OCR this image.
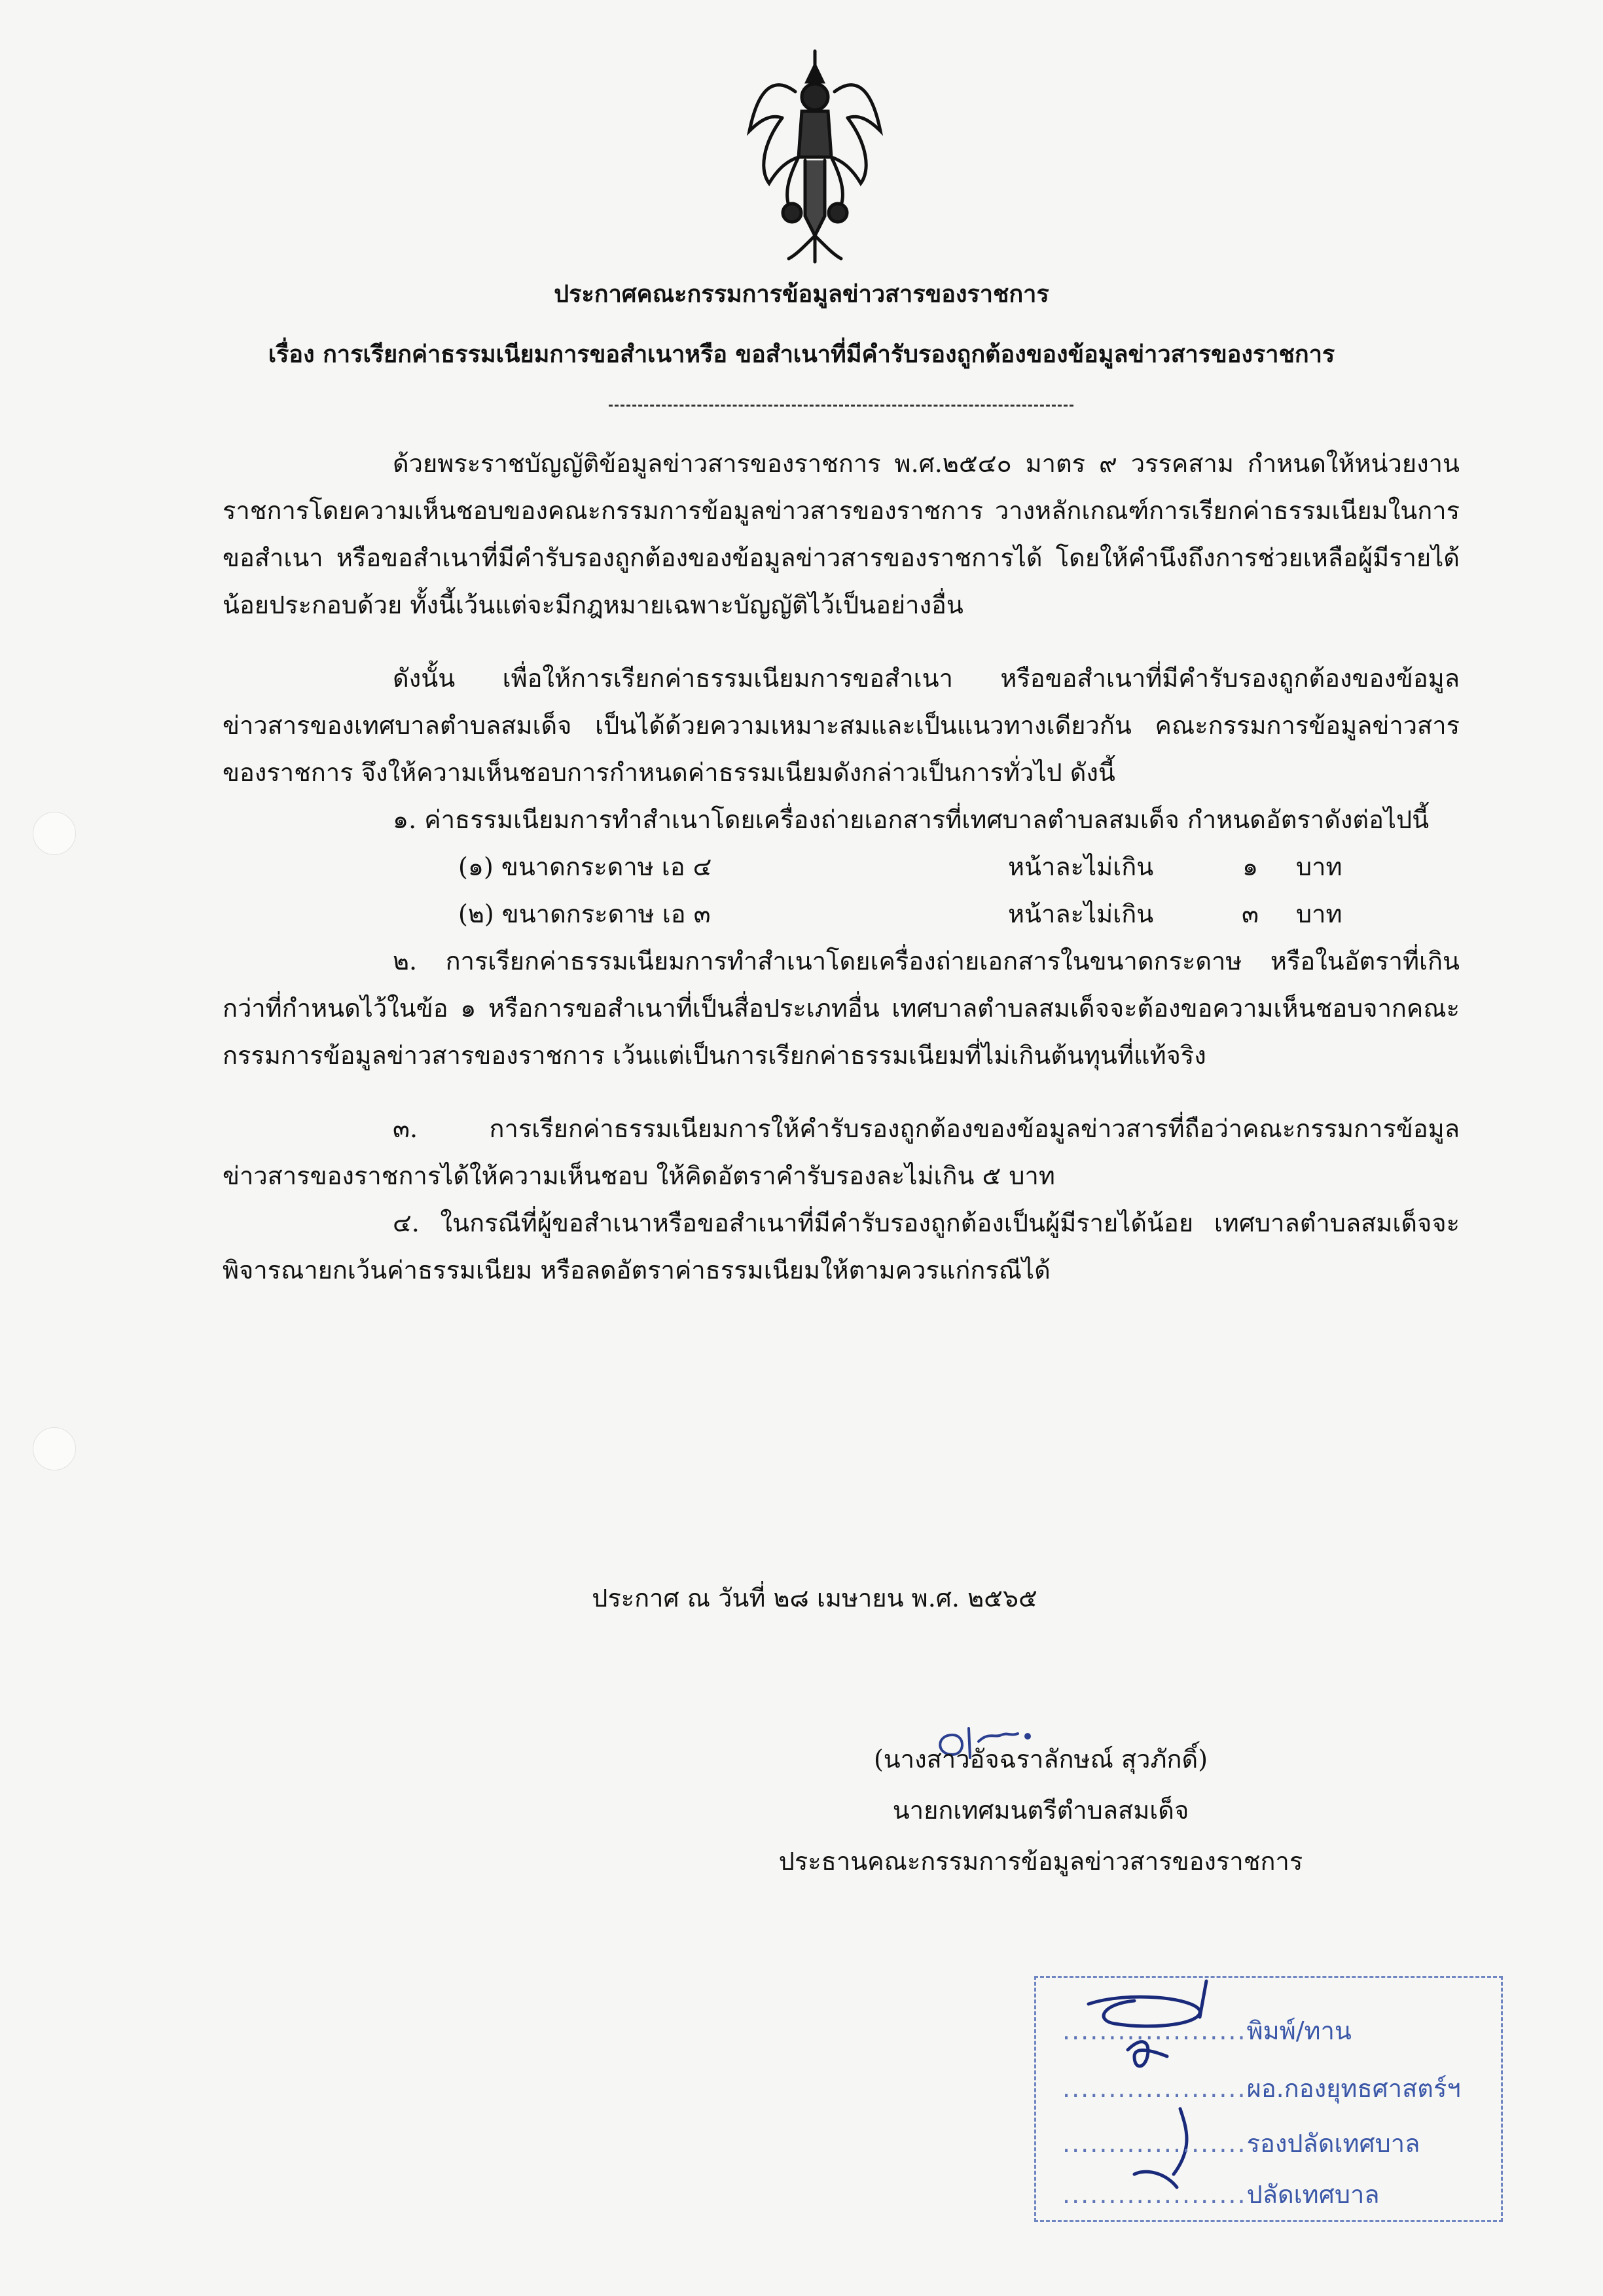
ประกาศคณะกรรมการข้อมูลข่าวสารของราชการ
เรื่อง การเรียกค่าธรรมเนียมการขอสำเนาหรือ ขอสำเนาที่มีคำรับรองถูกต้องของข้อมูลข่าวสารของราชการ

ด้วยพระราชบัญญัติข้อมูลข่าวสารของราชการ พ.ศ.๒๕๔๐ มาตร ๙ วรรคสาม กำหนดให้หน่วยงานราชการโดยความเห็นชอบของคณะกรรมการข้อมูลข่าวสารของราชการ วางหลักเกณฑ์การเรียกค่าธรรมเนียมในการขอสำเนา หรือขอสำเนาที่มีคำรับรองถูกต้องของข้อมูลข่าวสารของราชการได้ โดยให้คำนึงถึงการช่วยเหลือผู้มีรายได้น้อยประกอบด้วย ทั้งนี้เว้นแต่จะมีกฎหมายเฉพาะบัญญัติไว้เป็นอย่างอื่น

ดังนั้น เพื่อให้การเรียกค่าธรรมเนียมการขอสำเนา หรือขอสำเนาที่มีคำรับรองถูกต้องของข้อมูลข่าวสารของเทศบาลตำบลสมเด็จ เป็นได้ด้วยความเหมาะสมและเป็นแนวทางเดียวกัน คณะกรรมการข้อมูลข่าวสารของราชการ จึงให้ความเห็นชอบการกำหนดค่าธรรมเนียมดังกล่าวเป็นการทั่วไป ดังนี้

๑. ค่าธรรมเนียมการทำสำเนาโดยเครื่องถ่ายเอกสารที่เทศบาลตำบลสมเด็จ กำหนดอัตราดังต่อไปนี้

(๑) ขนาดกระดาษ เอ ๔	หน้าละไม่เกิน	๑	บาท
(๒) ขนาดกระดาษ เอ ๓	หน้าละไม่เกิน	๓	บาท

๒. การเรียกค่าธรรมเนียมการทำสำเนาโดยเครื่องถ่ายเอกสารในขนาดกระดาษ หรือในอัตราที่เกินกว่าที่กำหนดไว้ในข้อ ๑ หรือการขอสำเนาที่เป็นสื่อประเภทอื่น เทศบาลตำบลสมเด็จจะต้องขอความเห็นชอบจากคณะกรรมการข้อมูลข่าวสารของราชการ เว้นแต่เป็นการเรียกค่าธรรมเนียมที่ไม่เกินต้นทุนที่แท้จริง

๓. การเรียกค่าธรรมเนียมการให้คำรับรองถูกต้องของข้อมูลข่าวสารที่ถือว่าคณะกรรมการข้อมูลข่าวสารของราชการได้ให้ความเห็นชอบ ให้คิดอัตราคำรับรองละไม่เกิน ๕ บาท

๔. ในกรณีที่ผู้ขอสำเนาหรือขอสำเนาที่มีคำรับรองถูกต้องเป็นผู้มีรายได้น้อย เทศบาลตำบลสมเด็จจะพิจารณายกเว้นค่าธรรมเนียม หรือลดอัตราค่าธรรมเนียมให้ตามควรแก่กรณีได้

ประกาศ ณ วันที่ ๒๘ เมษายน พ.ศ. ๒๕๖๕
(นางสาวอัจฉราลักษณ์ สุวภักดิ์)
นายกเทศมนตรีตำบลสมเด็จ
ประธานคณะกรรมการข้อมูลข่าวสารของราชการ
....................พิมพ์/ทาน
....................ผอ.กองยุทธศาสตร์ฯ
....................รองปลัดเทศบาล
....................ปลัดเทศบาล
